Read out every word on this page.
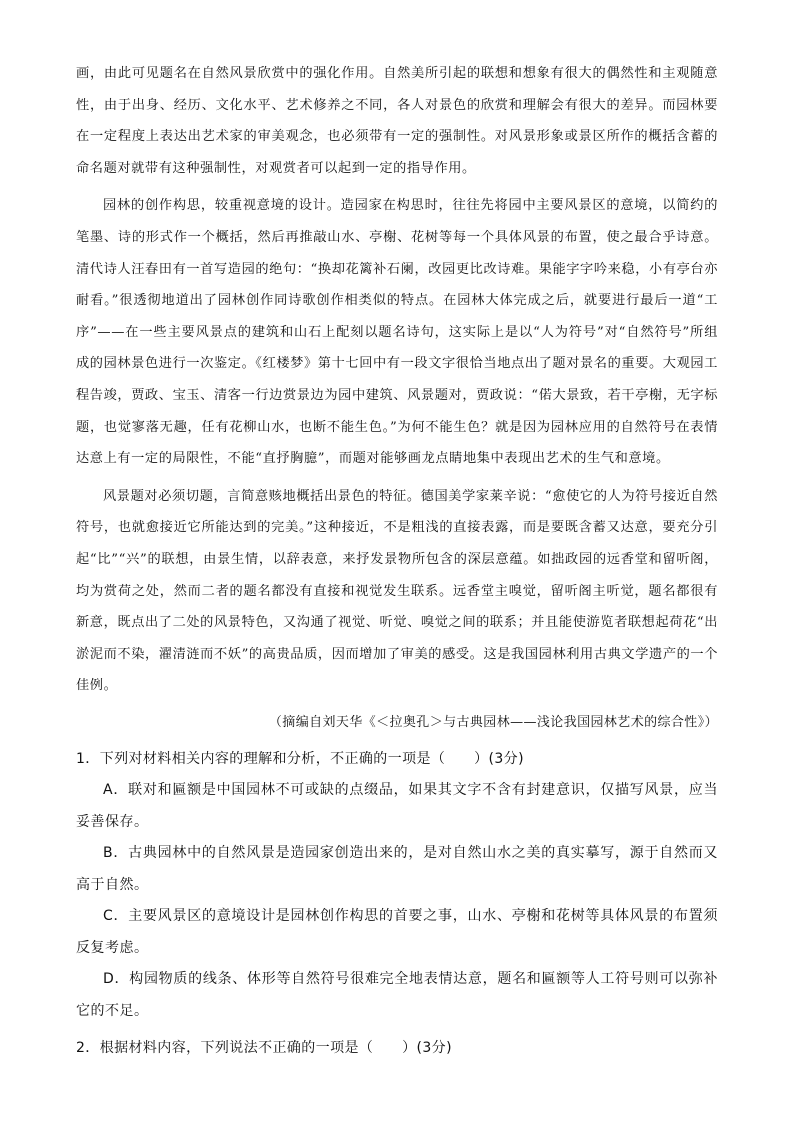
画，由此可见题名在自然风景欣赏中的强化作用。自然美所引起的联想和想象有很大的偶然性和主观随意性，由于出身、经历、文化水平、艺术修养之不同，各人对景色的欣赏和理解会有很大的差异。而园林要在一定程度上表达出艺术家的审美观念，也必须带有一定的强制性。对风景形象或景区所作的概括含蓄的命名题对就带有这种强制性，对观赏者可以起到一定的指导作用。

园林的创作构思，较重视意境的设计。造园家在构思时，往往先将园中主要风景区的意境，以简约的笔墨、诗的形式作一个概括，然后再推敲山水、亭榭、花树等每一个具体风景的布置，使之最合乎诗意。清代诗人汪春田有一首写造园的绝句：“换却花篱补石阑，改园更比改诗难。果能字字吟来稳，小有亭台亦耐看。”很透彻地道出了园林创作同诗歌创作相类似的特点。在园林大体完成之后，就要进行最后一道“工序”——在一些主要风景点的建筑和山石上配刻以题名诗句，这实际上是以“人为符号”对“自然符号”所组成的园林景色进行一次鉴定。《红楼梦》第十七回中有一段文字很恰当地点出了题对景名的重要。大观园工程告竣，贾政、宝玉、清客一行边赏景边为园中建筑、风景题对，贾政说：“偌大景致，若干亭榭，无字标题，也觉寥落无趣，任有花柳山水，也断不能生色。”为何不能生色？就是因为园林应用的自然符号在表情达意上有一定的局限性，不能“直抒胸臆”，而题对能够画龙点睛地集中表现出艺术的生气和意境。

风景题对必须切题，言简意赅地概括出景色的特征。德国美学家莱辛说：“愈使它的人为符号接近自然符号，也就愈接近它所能达到的完美。”这种接近，不是粗浅的直接表露，而是要既含蓄又达意，要充分引起“比”“兴”的联想，由景生情，以辞表意，来抒发景物所包含的深层意蕴。如拙政园的远香堂和留听阁，均为赏荷之处，然而二者的题名都没有直接和视觉发生联系。远香堂主嗅觉，留听阁主听觉，题名都很有新意，既点出了二处的风景特色，又沟通了视觉、听觉、嗅觉之间的联系；并且能使游览者联想起荷花“出淤泥而不染，濯清涟而不妖”的高贵品质，因而增加了审美的感受。这是我国园林利用古典文学遗产的一个佳例。

（摘编自刘天华《＜拉奥孔＞与古典园林——浅论我国园林艺术的综合性》）

1．下列对材料相关内容的理解和分析，不正确的一项是（　　）(3分)

A．联对和匾额是中国园林不可或缺的点缀品，如果其文字不含有封建意识，仅描写风景，应当妥善保存。

B．古典园林中的自然风景是造园家创造出来的，是对自然山水之美的真实摹写，源于自然而又高于自然。

C．主要风景区的意境设计是园林创作构思的首要之事，山水、亭榭和花树等具体风景的布置须反复考虑。

D．构园物质的线条、体形等自然符号很难完全地表情达意，题名和匾额等人工符号则可以弥补它的不足。

2．根据材料内容，下列说法不正确的一项是（　　）(3分)
